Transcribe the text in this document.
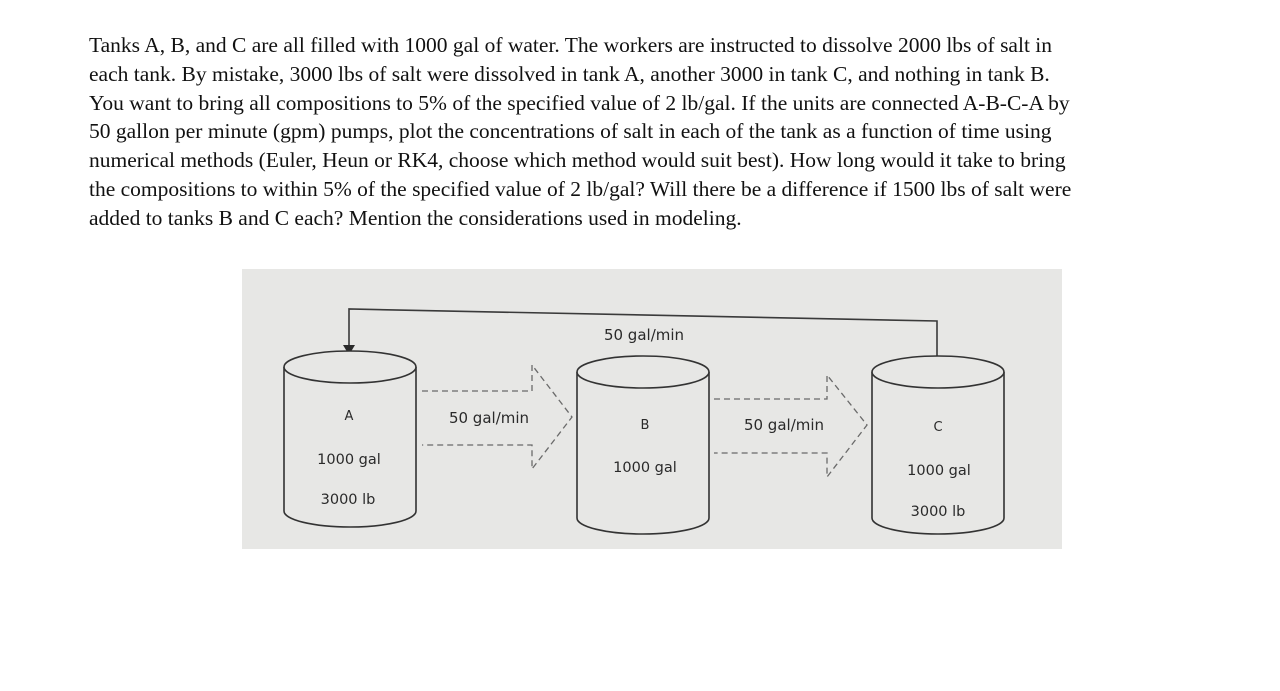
Tanks A, B, and C are all filled with 1000 gal of water. The workers are instructed to dissolve 2000 lbs of salt in
each tank. By mistake, 3000 lbs of salt were dissolved in tank A, another 3000 in tank C, and nothing in tank B.
You want to bring all compositions to 5% of the specified value of 2 lb/gal. If the units are connected A-B-C-A by
50 gallon per minute (gpm) pumps, plot the concentrations of salt in each of the tank as a function of time using
numerical methods (Euler, Heun or RK4, choose which method would suit best). How long would it take to bring
the compositions to within 5% of the specified value of 2 lb/gal? Will there be a difference if 1500 lbs of salt were
added to tanks B and C each? Mention the considerations used in modeling.
50 gal/min
A
1000 gal
3000 lb
50 gal/min	B
1000 gal
50 gal/min	C
1000 gal
3000 lb
